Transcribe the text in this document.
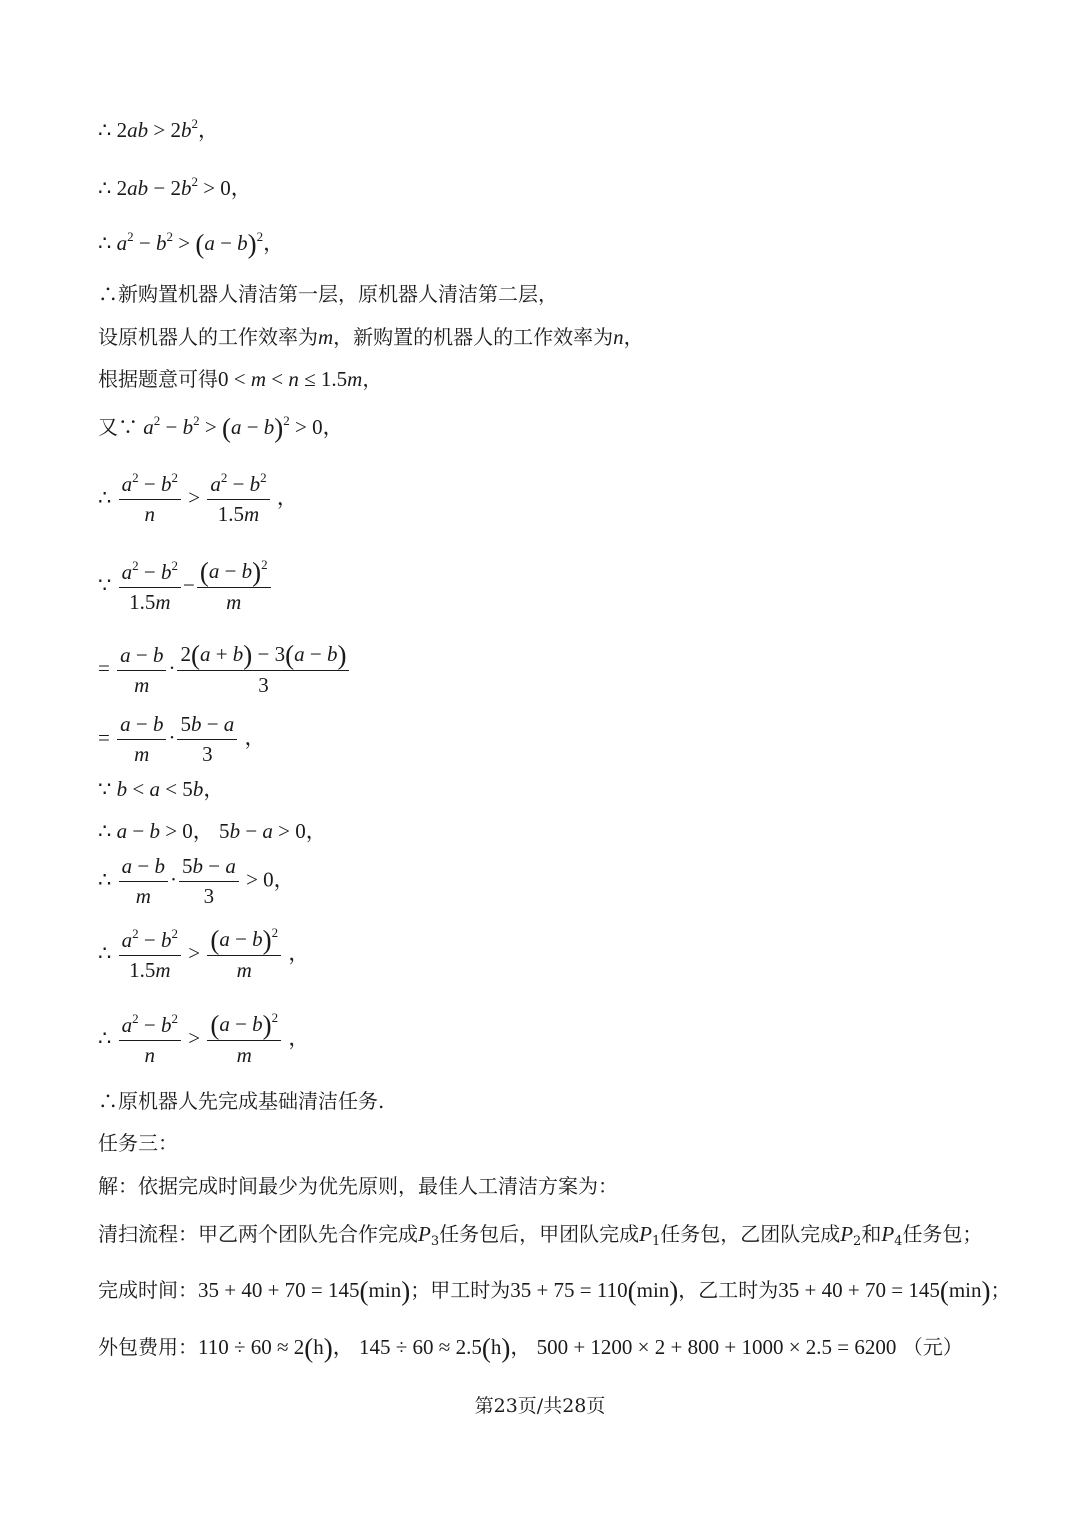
∴ $2ab > 2b^2$，
∴ $2ab - 2b^2 > 0$，
∴ $a^2 - b^2 > (a - b)^2$，
∴新购置机器人清洁第一层，原机器人清洁第二层，
设原机器人的工作效率为m，新购置的机器人的工作效率为n，
根据题意可得0 < m < n ≤ 1.5m，
又∵ $a^2 - b^2 > (a - b)^2 > 0$，
∴ $\frac{a^2 - b^2}{n} > \frac{a^2 - b^2}{1.5m}$ ，
∵ $\frac{a^2 - b^2}{1.5m} - \frac{(a - b)^2}{m}$
= $\frac{a - b}{m} \cdot \frac{2(a + b) - 3(a - b)}{3}$
= $\frac{a - b}{m} \cdot \frac{5b - a}{3}$ ，
∵ b < a < 5b，
∴ a − b > 0， 5b − a > 0，
∴ $\frac{a - b}{m} \cdot \frac{5b - a}{3} > 0$，
∴ $\frac{a^2 - b^2}{1.5m} > \frac{(a - b)^2}{m}$ ，
∴ $\frac{a^2 - b^2}{n} > \frac{(a - b)^2}{m}$ ，
∴原机器人先完成基础清洁任务.
任务三：
解：依据完成时间最少为优先原则，最佳人工清洁方案为：
清扫流程：甲乙两个团队先合作完成$P_3$任务包后，甲团队完成$P_1$任务包，乙团队完成$P_2$和$P_4$任务包；
完成时间：35 + 40 + 70 = 145(min)；甲工时为35 + 75 = 110(min)，乙工时为35 + 40 + 70 = 145(min)；
外包费用：110 ÷ 60 ≈ 2(h)， 145 ÷ 60 ≈ 2.5(h)， 500 + 1200 × 2 + 800 + 1000 × 2.5 = 6200 （元）
第23页/共28页
